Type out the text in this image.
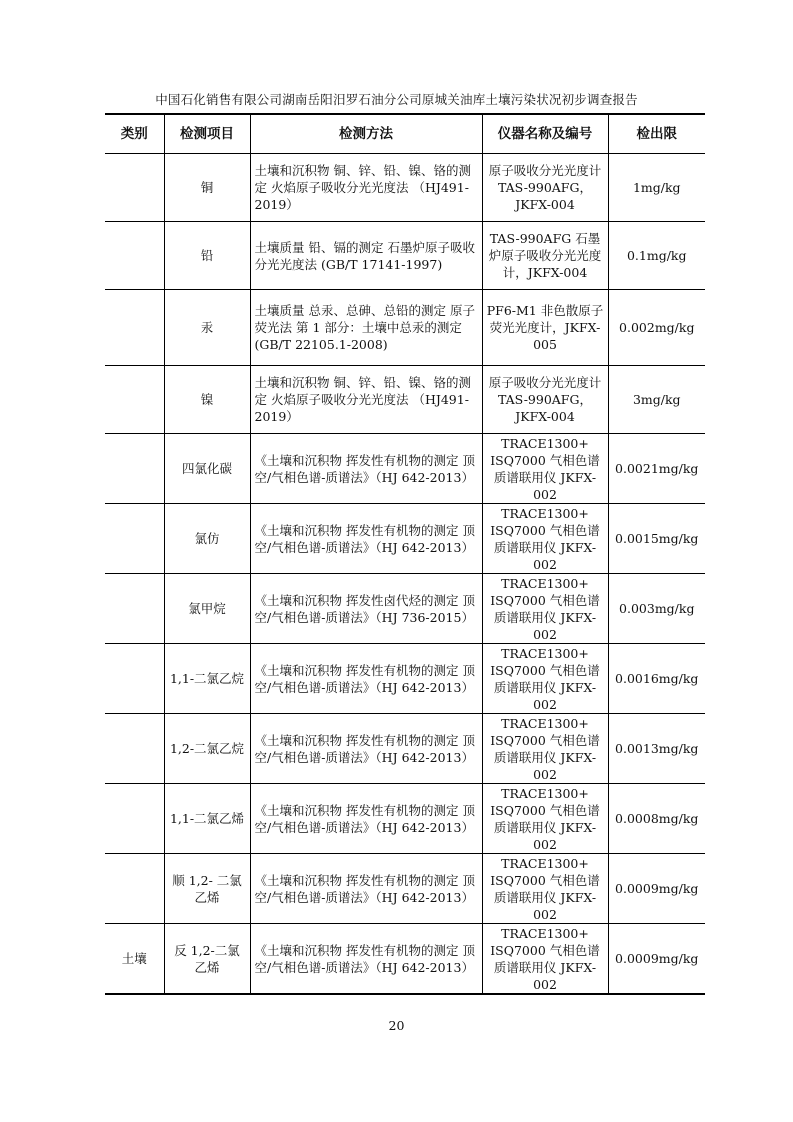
中国石化销售有限公司湖南岳阳汨罗石油分公司原城关油库土壤污染状况初步调查报告
类别	检测项目	检测方法	仪器名称及编号	检出限
	铜	土壤和沉积物 铜、锌、铅、镍、铬的测定 火焰原子吸收分光光度法 （HJ491-2019）	原子吸收分光光度计 TAS-990AFG，JKFX-004	1mg/kg
	铅	土壤质量 铅、镉的测定 石墨炉原子吸收分光光度法 (GB/T 17141-1997)	TAS-990AFG 石墨炉原子吸收分光光度计，JKFX-004	0.1mg/kg
	汞	土壤质量 总汞、总砷、总铅的测定 原子荧光法 第 1 部分：土壤中总汞的测定(GB/T 22105.1-2008)	PF6-M1 非色散原子荧光光度计，JKFX-005	0.002mg/kg
	镍	土壤和沉积物 铜、锌、铅、镍、铬的测定 火焰原子吸收分光光度法 （HJ491-2019）	原子吸收分光光度计 TAS-990AFG，JKFX-004	3mg/kg
	四氯化碳	《土壤和沉积物 挥发性有机物的测定 顶空/气相色谱-质谱法》（HJ 642-2013）	TRACE1300+ ISQ7000 气相色谱质谱联用仪 JKFX-002	0.0021mg/kg
	氯仿	《土壤和沉积物 挥发性有机物的测定 顶空/气相色谱-质谱法》（HJ 642-2013）	TRACE1300+ ISQ7000 气相色谱质谱联用仪 JKFX-002	0.0015mg/kg
	氯甲烷	《土壤和沉积物 挥发性卤代烃的测定 顶空/气相色谱-质谱法》（HJ 736-2015）	TRACE1300+ ISQ7000 气相色谱质谱联用仪 JKFX-002	0.003mg/kg
	1,1-二氯乙烷	《土壤和沉积物 挥发性有机物的测定 顶空/气相色谱-质谱法》（HJ 642-2013）	TRACE1300+ ISQ7000 气相色谱质谱联用仪 JKFX-002	0.0016mg/kg
	1,2-二氯乙烷	《土壤和沉积物 挥发性有机物的测定 顶空/气相色谱-质谱法》（HJ 642-2013）	TRACE1300+ ISQ7000 气相色谱质谱联用仪 JKFX-002	0.0013mg/kg
	1,1-二氯乙烯	《土壤和沉积物 挥发性有机物的测定 顶空/气相色谱-质谱法》（HJ 642-2013）	TRACE1300+ ISQ7000 气相色谱质谱联用仪 JKFX-002	0.0008mg/kg
	顺 1,2- 二氯乙烯	《土壤和沉积物 挥发性有机物的测定 顶空/气相色谱-质谱法》（HJ 642-2013）	TRACE1300+ ISQ7000 气相色谱质谱联用仪 JKFX-002	0.0009mg/kg
土壤	反 1,2-二氯乙烯	《土壤和沉积物 挥发性有机物的测定 顶空/气相色谱-质谱法》（HJ 642-2013）	TRACE1300+ ISQ7000 气相色谱质谱联用仪 JKFX-002	0.0009mg/kg
20
